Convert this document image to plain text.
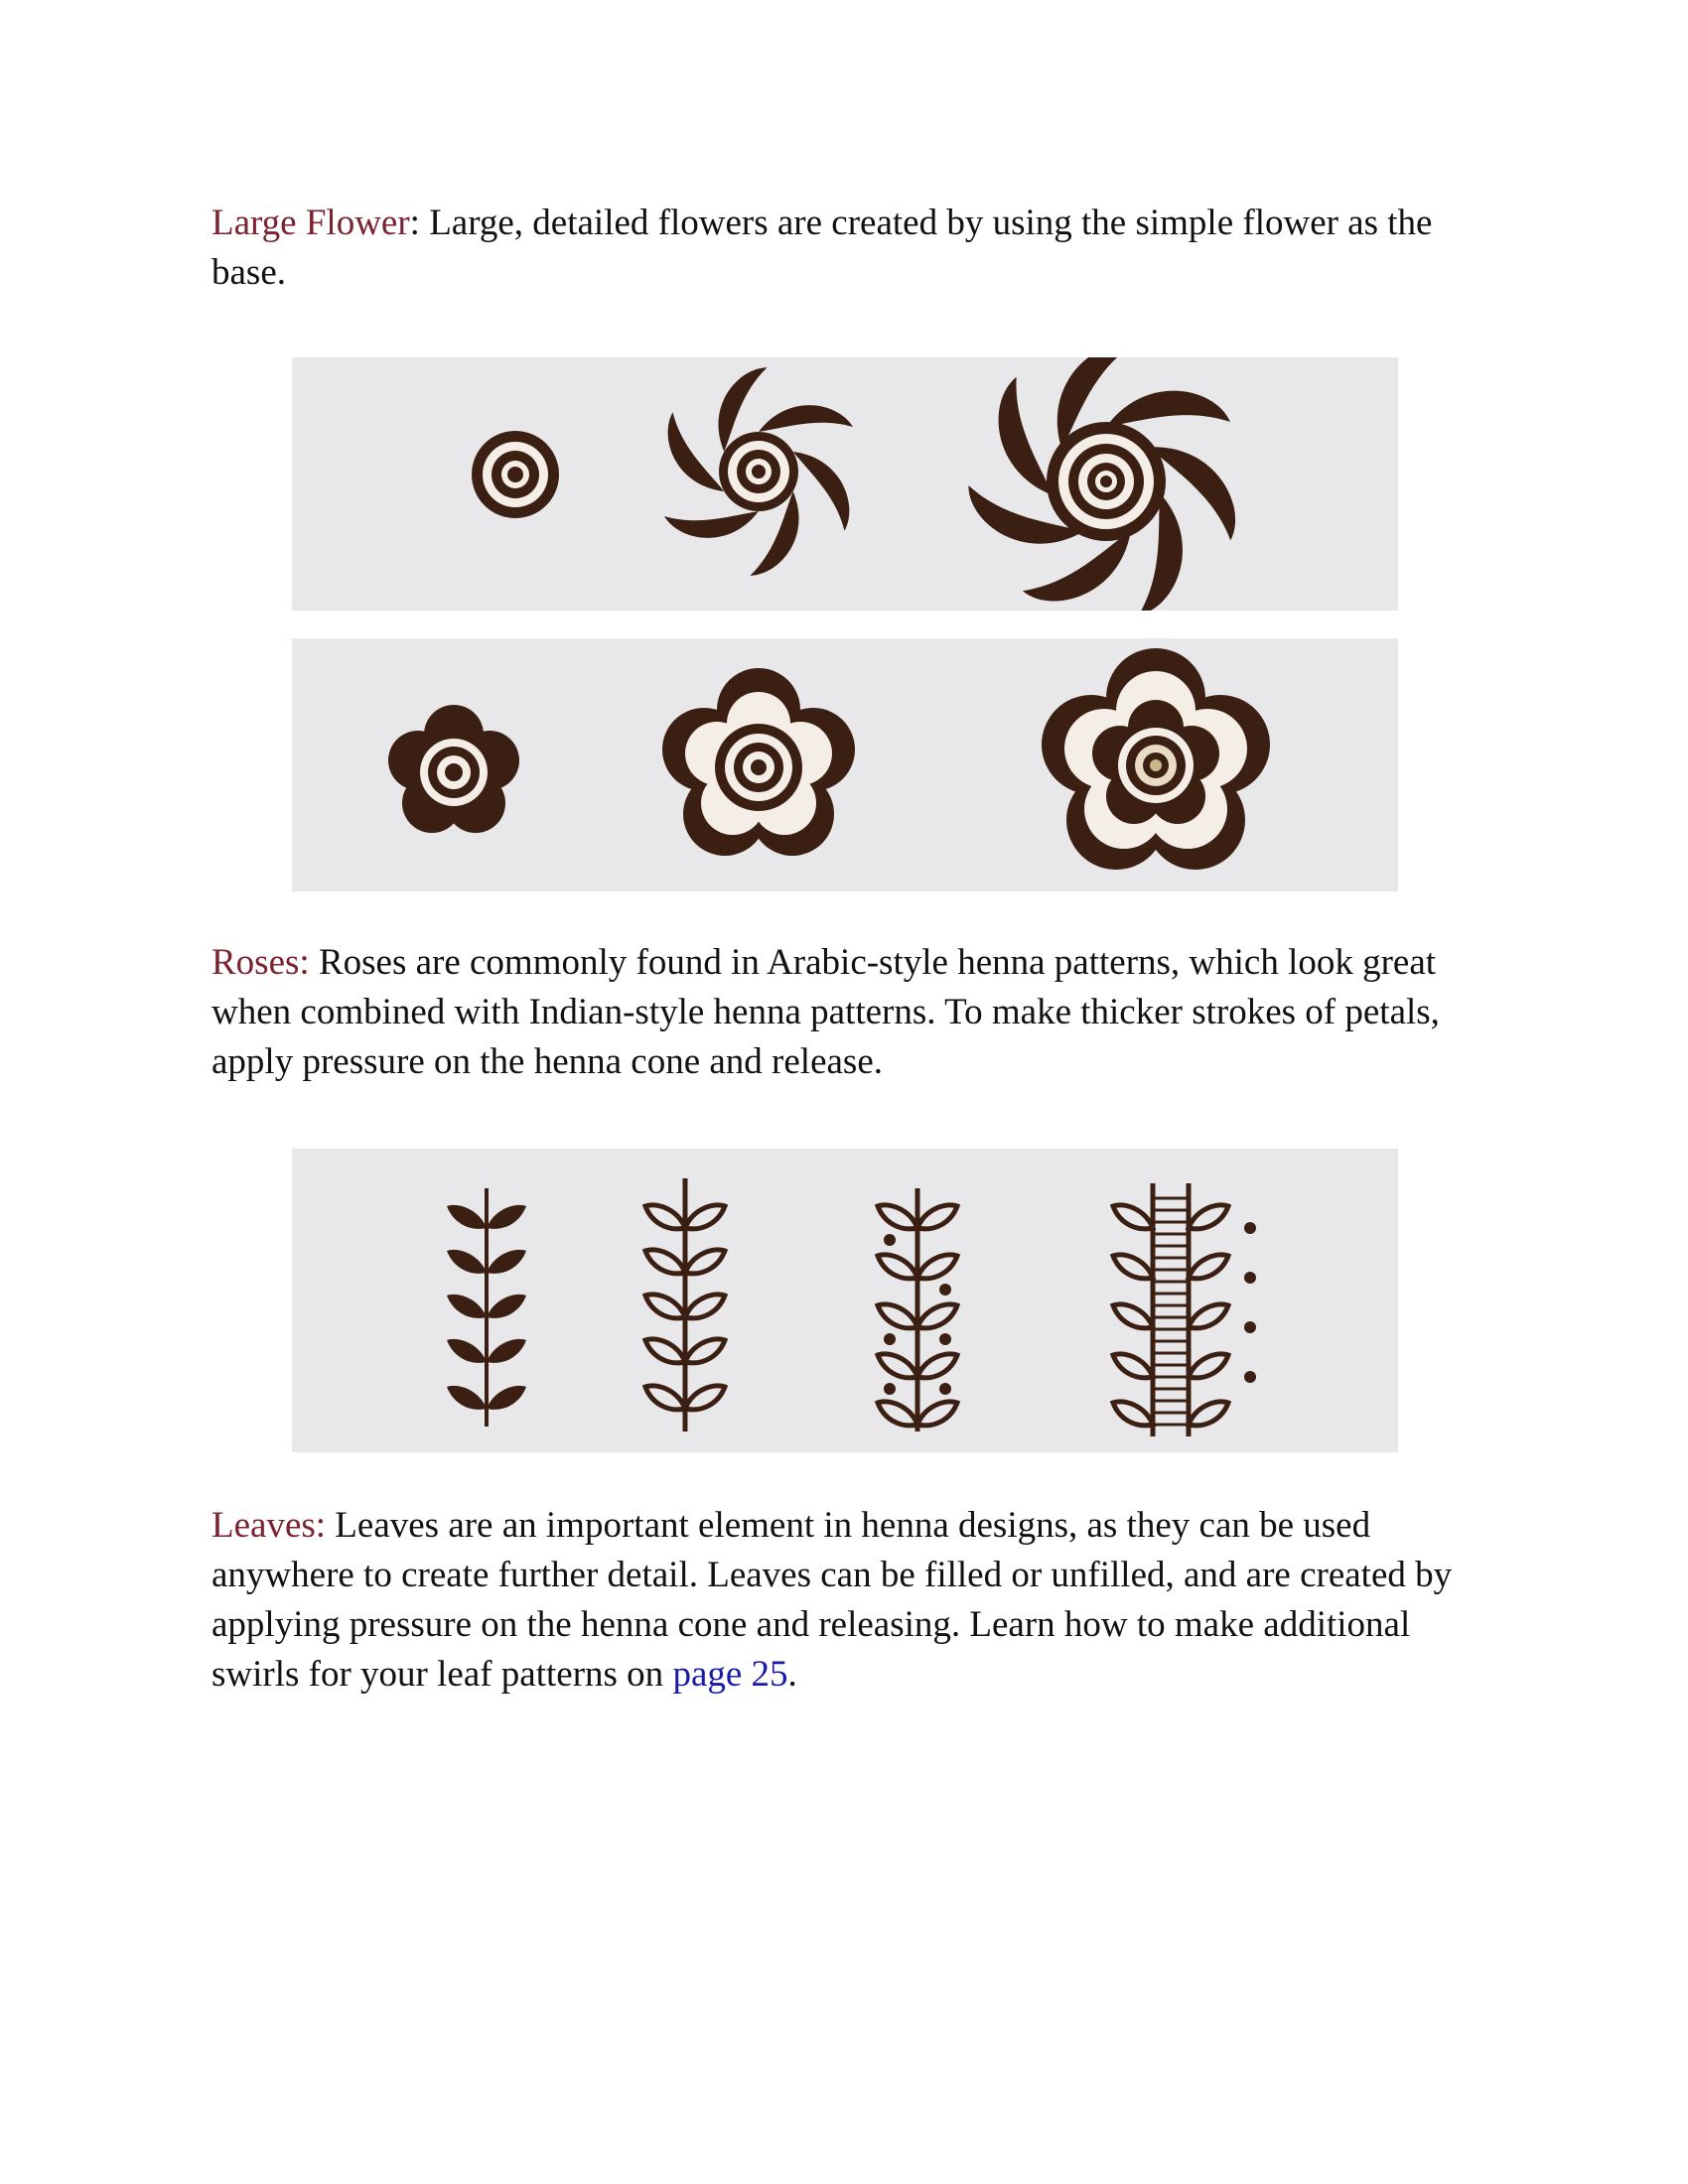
Large Flower: Large, detailed flowers are created by using the simple flower as the base.

Roses: Roses are commonly found in Arabic-style henna patterns, which look great when combined with Indian-style henna patterns. To make thicker strokes of petals, apply pressure on the henna cone and release.

Leaves: Leaves are an important element in henna designs, as they can be used anywhere to create further detail. Leaves can be filled or unfilled, and are created by applying pressure on the henna cone and releasing. Learn how to make additional swirls for your leaf patterns on page 25.
